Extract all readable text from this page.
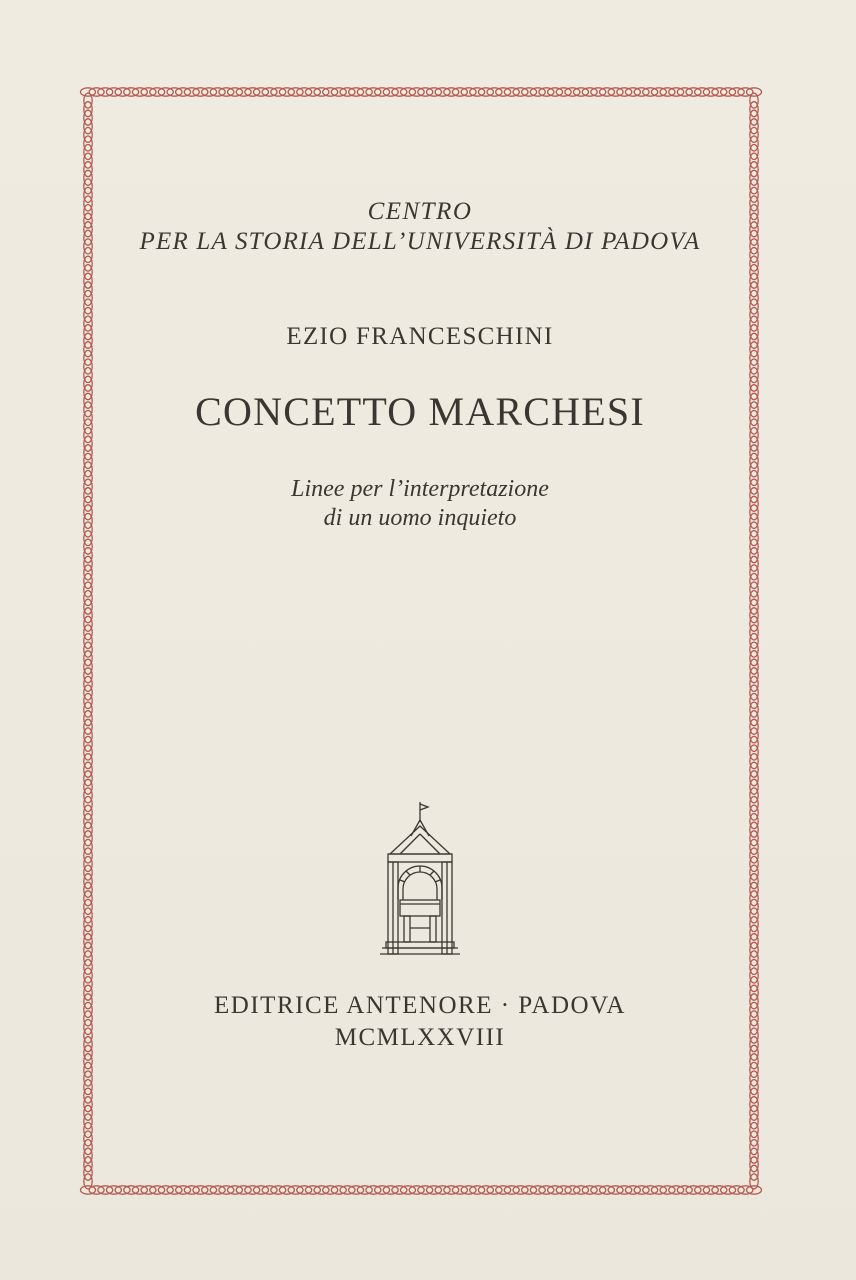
CENTRO

PER LA STORIA DELL’UNIVERSITÀ DI PADOVA

EZIO FRANCESCHINI

CONCETTO MARCHESI

Linee per l’interpretazione

di un uomo inquieto

EDITRICE ANTENORE · PADOVA

MCMLXXVIII
